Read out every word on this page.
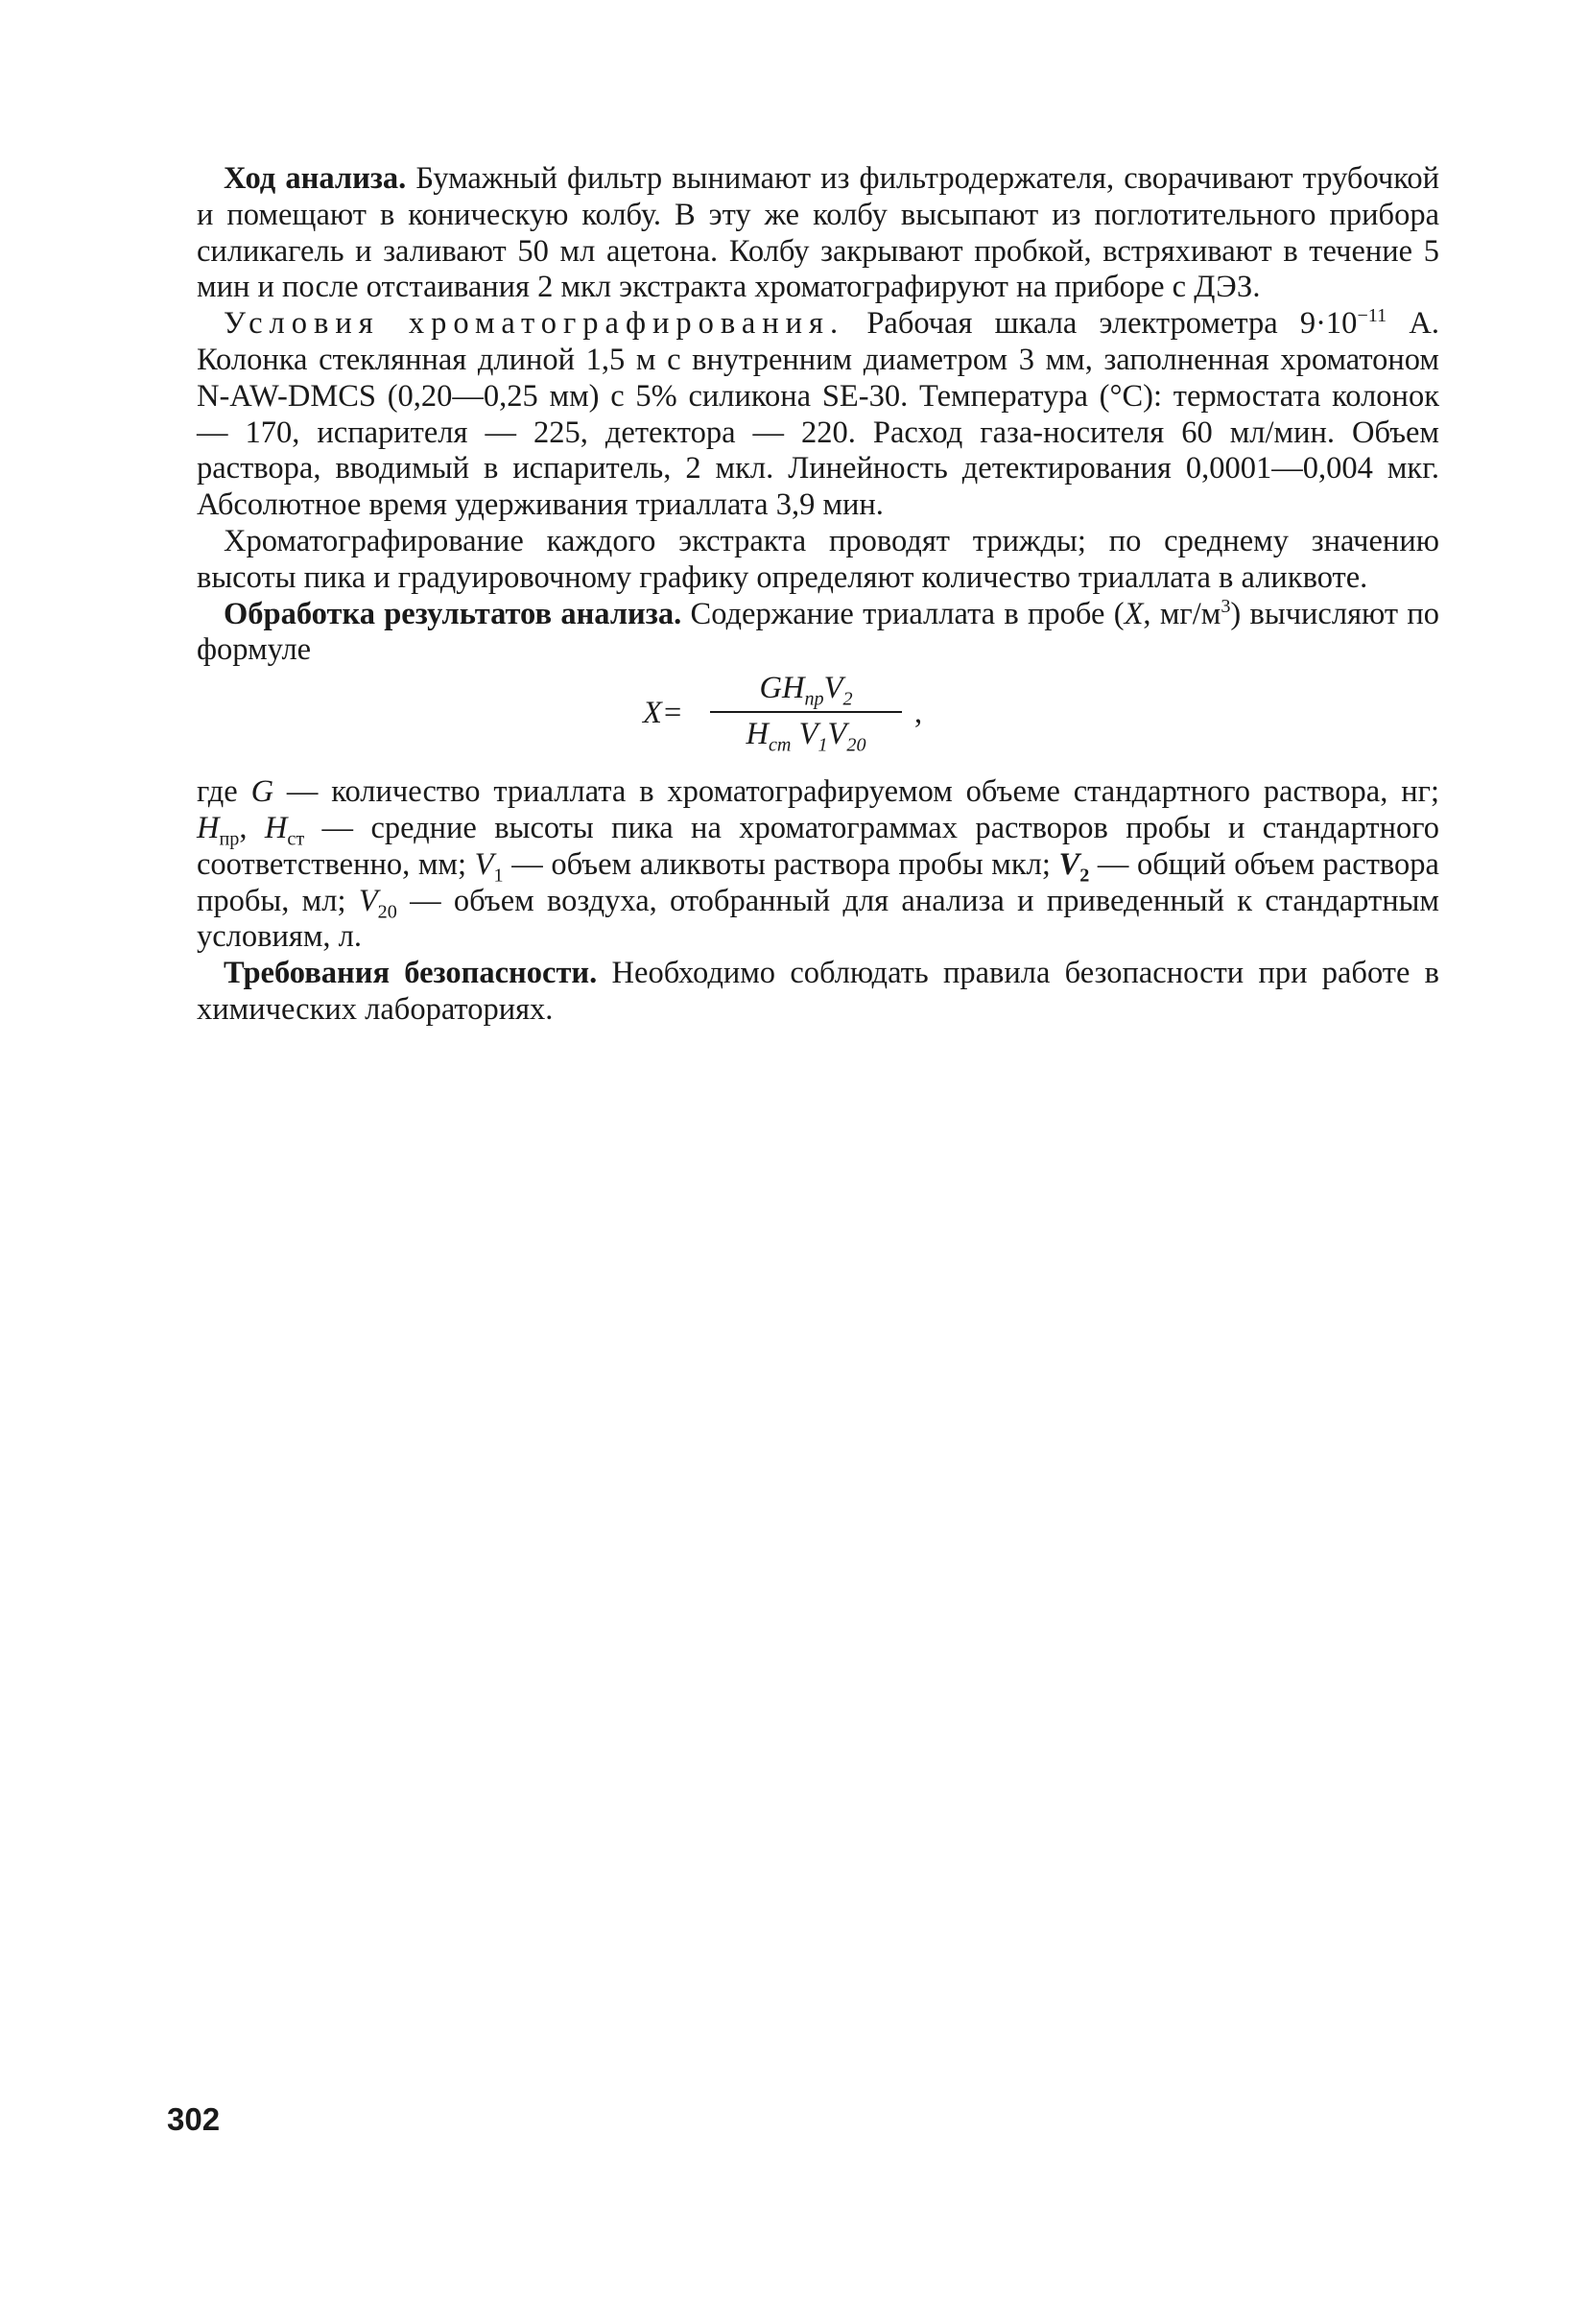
Ход анализа. Бумажный фильтр вынимают из фильтродержателя, сворачивают трубочкой и помещают в коническую колбу. В эту же колбу высыпают из поглотительного прибора силикагель и заливают 50 мл ацетона. Колбу закрывают пробкой, встряхивают в течение 5 мин и после отстаивания 2 мкл экстракта хроматографируют на приборе с ДЭЗ.

Условия хроматографирования. Рабочая шкала электрометра $9\cdot 10^{-11}$ А. Колонка стеклянная длиной 1,5 м с внутренним диаметром 3 мм, заполненная хроматоном N-AW-DMCS (0,20—0,25 мм) с 5% силикона SE-30. Температура (°С): термостата колонок — 170, испарителя — 225, детектора — 220. Расход газа-носителя 60 мл/мин. Объем раствора, вводимый в испаритель, 2 мкл. Линейность детектирования 0,0001—0,004 мкг. Абсолютное время удерживания триаллата 3,9 мин.

Хроматографирование каждого экстракта проводят трижды; по среднему значению высоты пика и градуировочному графику определяют количество триаллата в аликвоте.

Обработка результатов анализа. Содержание триаллата в пробе (X, $мг/м^3$) вычисляют по формуле

X=
$GH_{пр}V_2$
$H_{ст}$ $V_1V_{20}$
,

где G — количество триаллата в хроматографируемом объеме стандартного раствора, нг; $H_{пр}$, $H_{ст}$ — средние высоты пика на хроматограммах растворов пробы и стандартного соответственно, мм; $V_1$ — объем аликвоты раствора пробы мкл; $V_2$ — общий объем раствора пробы, мл; $V_{20}$ — объем воздуха, отобранный для анализа и приведенный к стандартным условиям, л.

Требования безопасности. Необходимо соблюдать правила безопасности при работе в химических лабораториях.

302
